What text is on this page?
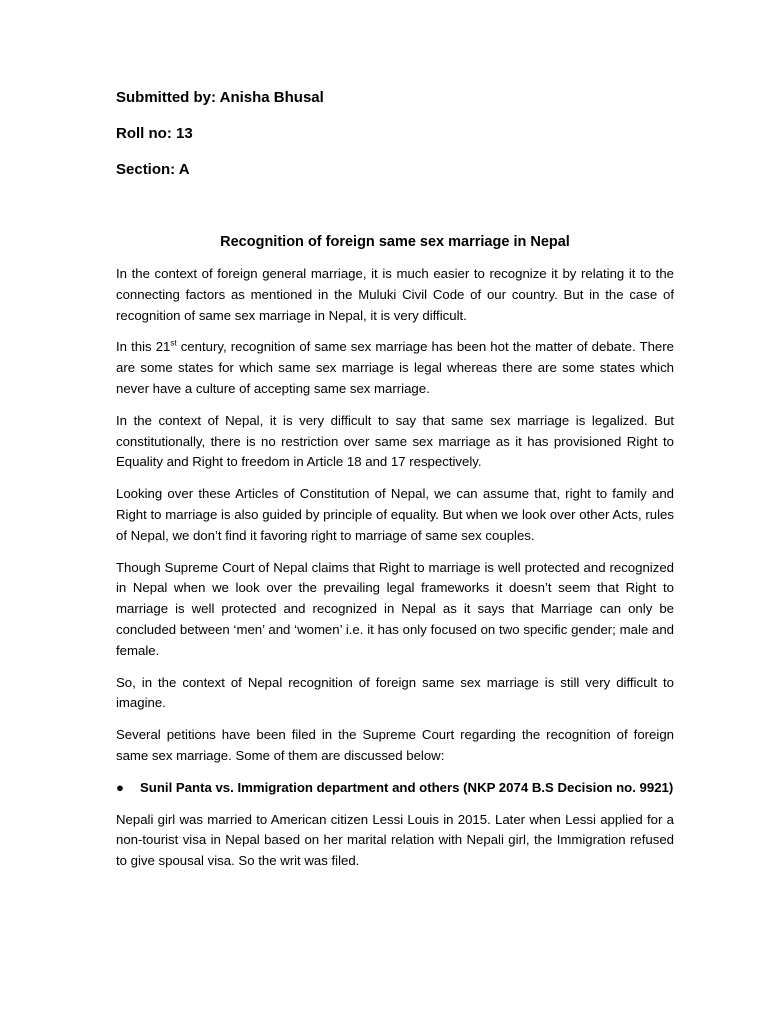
Submitted by: Anisha Bhusal

Roll no: 13

Section: A

Recognition of foreign same sex marriage in Nepal

In the context of foreign general marriage, it is much easier to recognize it by relating it to the connecting factors as mentioned in the Muluki Civil Code of our country. But in the case of recognition of same sex marriage in Nepal, it is very difficult.

In this 21st century, recognition of same sex marriage has been hot the matter of debate. There are some states for which same sex marriage is legal whereas there are some states which never have a culture of accepting same sex marriage.

In the context of Nepal, it is very difficult to say that same sex marriage is legalized. But constitutionally, there is no restriction over same sex marriage as it has provisioned Right to Equality and Right to freedom in Article 18 and 17 respectively.

Looking over these Articles of Constitution of Nepal, we can assume that, right to family and Right to marriage is also guided by principle of equality. But when we look over other Acts, rules of Nepal, we don’t find it favoring right to marriage of same sex couples.

Though Supreme Court of Nepal claims that Right to marriage is well protected and recognized in Nepal when we look over the prevailing legal frameworks it doesn’t seem that Right to marriage is well protected and recognized in Nepal as it says that Marriage can only be concluded between ‘men’ and ‘women’ i.e. it has only focused on two specific gender; male and female.

So, in the context of Nepal recognition of foreign same sex marriage is still very difficult to imagine.

Several petitions have been filed in the Supreme Court regarding the recognition of foreign same sex marriage. Some of them are discussed below:

● Sunil Panta vs. Immigration department and others (NKP 2074 B.S Decision no. 9921)

Nepali girl was married to American citizen Lessi Louis in 2015. Later when Lessi applied for a non-tourist visa in Nepal based on her marital relation with Nepali girl, the Immigration refused to give spousal visa. So the writ was filed.
